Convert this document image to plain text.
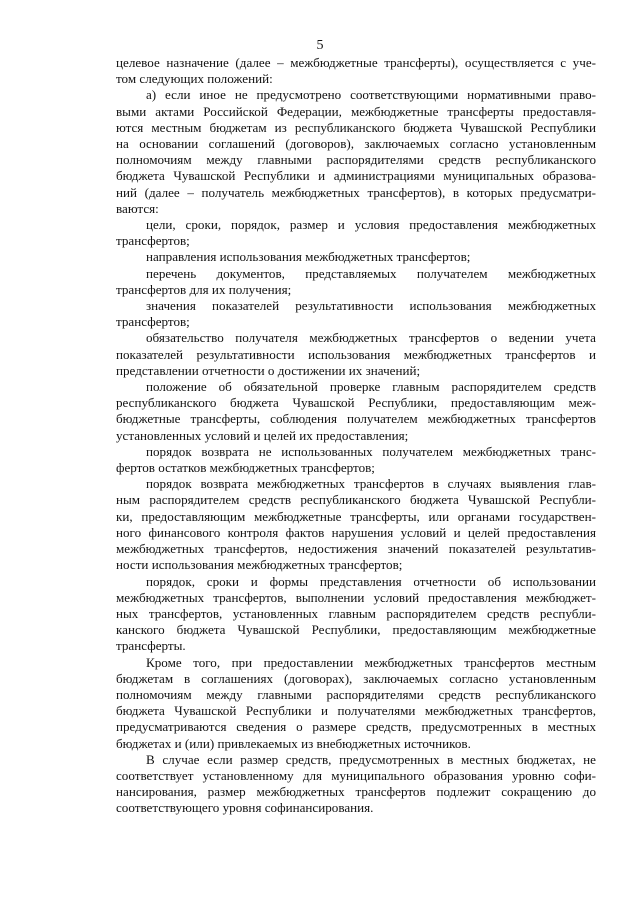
5

целевое назначение (далее – межбюджетные трансферты), осуществляется с уче-
том следующих положений:

а) если иное не предусмотрено соответствующими нормативными право-
выми актами Российской Федерации, межбюджетные трансферты предоставля-
ются местным бюджетам из республиканского бюджета Чувашской Республики
на основании соглашений (договоров), заключаемых согласно установленным
полномочиям между главными распорядителями средств республиканского
бюджета Чувашской Республики и администрациями муниципальных образова-
ний (далее – получатель межбюджетных трансфертов), в которых предусматри-
ваются:

цели, сроки, порядок, размер и условия предоставления межбюджетных
трансфертов;

направления использования межбюджетных трансфертов;

перечень документов, представляемых получателем межбюджетных
трансфертов для их получения;

значения показателей результативности использования межбюджетных
трансфертов;

обязательство получателя межбюджетных трансфертов о ведении учета
показателей результативности использования межбюджетных трансфертов и
представлении отчетности о достижении их значений;

положение об обязательной проверке главным распорядителем средств
республиканского бюджета Чувашской Республики, предоставляющим меж-
бюджетные трансферты, соблюдения получателем межбюджетных трансфертов
установленных условий и целей их предоставления;

порядок возврата не использованных получателем межбюджетных транс-
фертов остатков межбюджетных трансфертов;

порядок возврата межбюджетных трансфертов в случаях выявления глав-
ным распорядителем средств республиканского бюджета Чувашской Республи-
ки, предоставляющим межбюджетные трансферты, или органами государствен-
ного финансового контроля фактов нарушения условий и целей предоставления
межбюджетных трансфертов, недостижения значений показателей результатив-
ности использования межбюджетных трансфертов;

порядок, сроки и формы представления отчетности об использовании
межбюджетных трансфертов, выполнении условий предоставления межбюджет-
ных трансфертов, установленных главным распорядителем средств республи-
канского бюджета Чувашской Республики, предоставляющим межбюджетные
трансферты.

Кроме того, при предоставлении межбюджетных трансфертов местным
бюджетам в соглашениях (договорах), заключаемых согласно установленным
полномочиям между главными распорядителями средств республиканского
бюджета Чувашской Республики и получателями межбюджетных трансфертов,
предусматриваются сведения о размере средств, предусмотренных в местных
бюджетах и (или) привлекаемых из внебюджетных источников.

В случае если размер средств, предусмотренных в местных бюджетах, не
соответствует установленному для муниципального образования уровню софи-
нансирования, размер межбюджетных трансфертов подлежит сокращению до
соответствующего уровня софинансирования.
